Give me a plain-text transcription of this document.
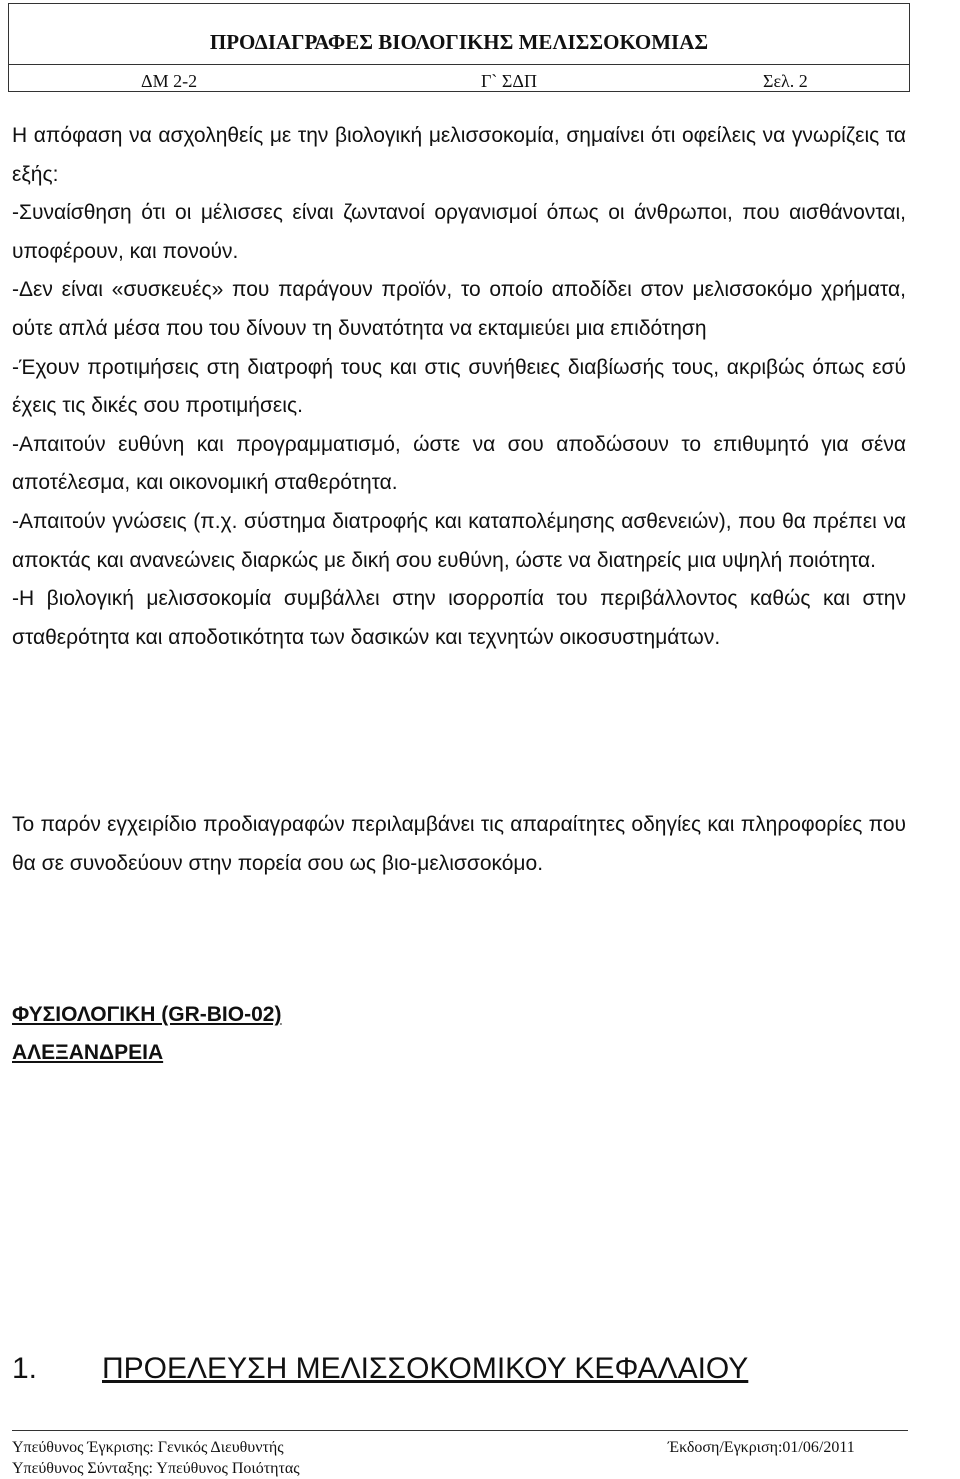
ΠΡΟΔΙΑΓΡΑΦΕΣ ΒΙΟΛΟΓΙΚΗΣ ΜΕΛΙΣΣΟΚΟΜΙΑΣ
ΔΜ 2-2	Γ` ΣΔΠ	Σελ. 2
Η απόφαση να ασχοληθείς με την βιολογική μελισσοκομία, σημαίνει ότι οφείλεις να γνωρίζεις τα εξής:
-Συναίσθηση ότι οι μέλισσες είναι ζωντανοί οργανισμοί όπως οι άνθρωποι, που αισθάνονται, υποφέρουν, και πονούν.
-Δεν είναι «συσκευές» που παράγουν προϊόν, το οποίο αποδίδει στον μελισσοκόμο χρήματα, ούτε απλά μέσα που του δίνουν τη δυνατότητα να εκταμιεύει μια επιδότηση
-Έχουν προτιμήσεις στη διατροφή τους και στις συνήθειες διαβίωσής τους, ακριβώς όπως εσύ έχεις τις δικές σου προτιμήσεις.
-Απαιτούν ευθύνη και προγραμματισμό, ώστε να σου αποδώσουν το επιθυμητό για σένα αποτέλεσμα, και οικονομική σταθερότητα.
-Απαιτούν γνώσεις (π.χ. σύστημα διατροφής και καταπολέμησης ασθενειών), που θα πρέπει να αποκτάς και ανανεώνεις διαρκώς με δική σου ευθύνη, ώστε να διατηρείς μια υψηλή ποιότητα.
-Η βιολογική μελισσοκομία συμβάλλει στην ισορροπία του περιβάλλοντος καθώς και στην σταθερότητα και αποδοτικότητα των δασικών και τεχνητών οικοσυστημάτων.
Το παρόν εγχειρίδιο προδιαγραφών περιλαμβάνει τις απαραίτητες οδηγίες και πληροφορίες που θα σε συνοδεύουν στην πορεία σου ως βιο-μελισσοκόμο.
ΦΥΣΙΟΛΟΓΙΚΗ (GR-BIO-02)
ΑΛΕΞΑΝΔΡΕΙΑ
1. ΠΡΟΕΛΕΥΣΗ ΜΕΛΙΣΣΟΚΟΜΙΚΟΥ ΚΕΦΑΛΑΙΟΥ
Υπεύθυνος Έγκρισης: Γενικός Διευθυντής	Έκδοση/Εγκριση:01/06/2011
Υπεύθυνος Σύνταξης: Υπεύθυνος Ποιότητας
